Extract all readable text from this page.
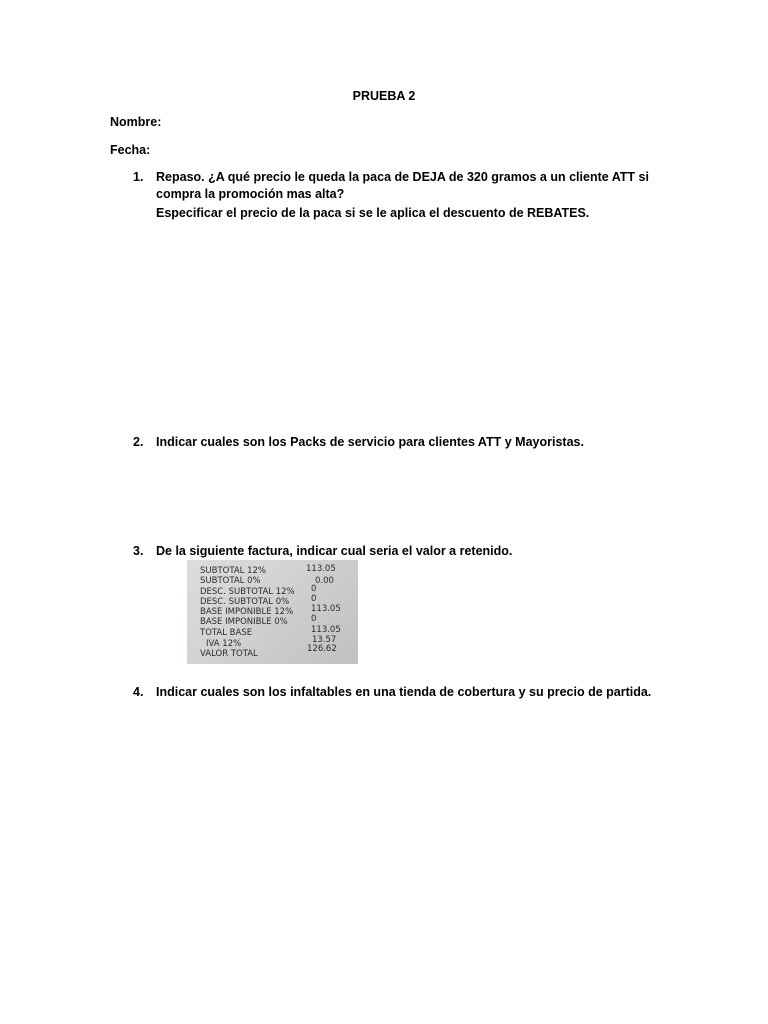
PRUEBA 2
Nombre:
Fecha:
1. Repaso. ¿A qué precio le queda la paca de DEJA de 320 gramos a un cliente ATT si
compra la promoción mas alta?
Especificar el precio de la paca si se le aplica el descuento de REBATES.
2. Indicar cuales son los Packs de servicio para clientes ATT y Mayoristas.
3. De la siguiente factura, indicar cual seria el valor a retenido.
SUBTOTAL 12%	113.05
SUBTOTAL 0%	0.00
DESC. SUBTOTAL 12% 0
DESC. SUBTOTAL 0%	0
BASE IMPONIBLE 12% 113.05
BASE IMPONIBLE 0%	0
TOTAL BASE	113.05
IVA 12%	13.57
VALOR TOTAL	126.62
4. Indicar cuales son los infaltables en una tienda de cobertura y su precio de partida.
